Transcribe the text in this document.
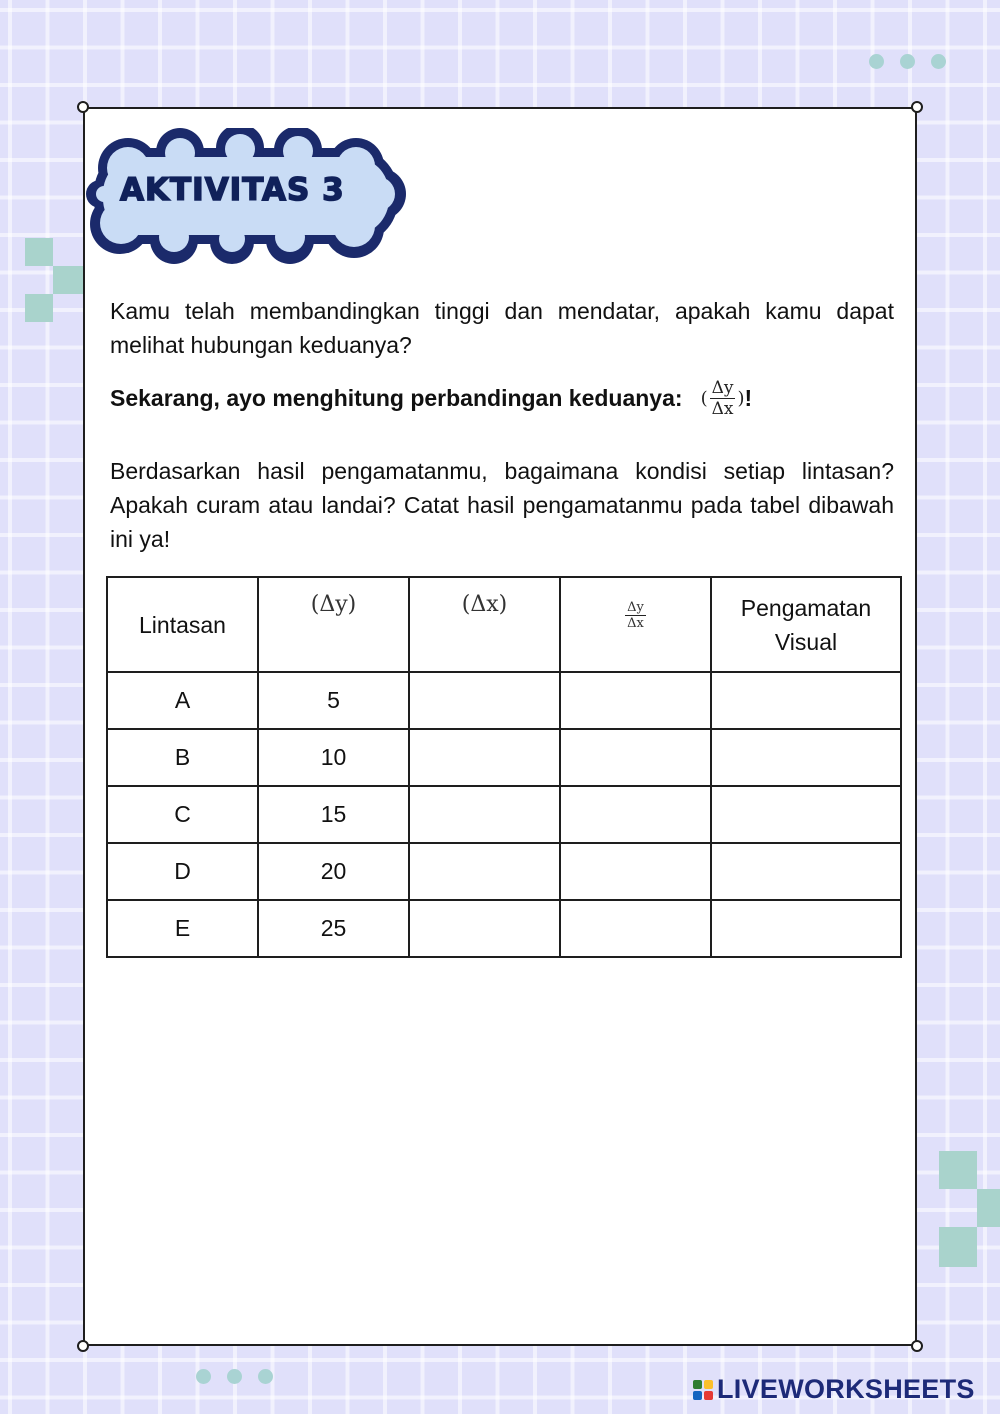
AKTIVITAS 3

Kamu telah membandingkan tinggi dan mendatar, apakah kamu dapat melihat hubungan keduanya?

Sekarang, ayo menghitung perbandingan keduanya: ( $\frac{\Delta y}{\Delta x}$ ) !

Berdasarkan hasil pengamatanmu, bagaimana kondisi setiap lintasan? Apakah curam atau landai? Catat hasil pengamatanmu pada tabel dibawah ini ya!

Lintasan	(Δy)	(Δx)	$\frac{\Delta y}{\Delta x}$	Pengamatan Visual
A	5			
B	10			
C	15			
D	20			
E	25			
LIVEWORKSHEETS
